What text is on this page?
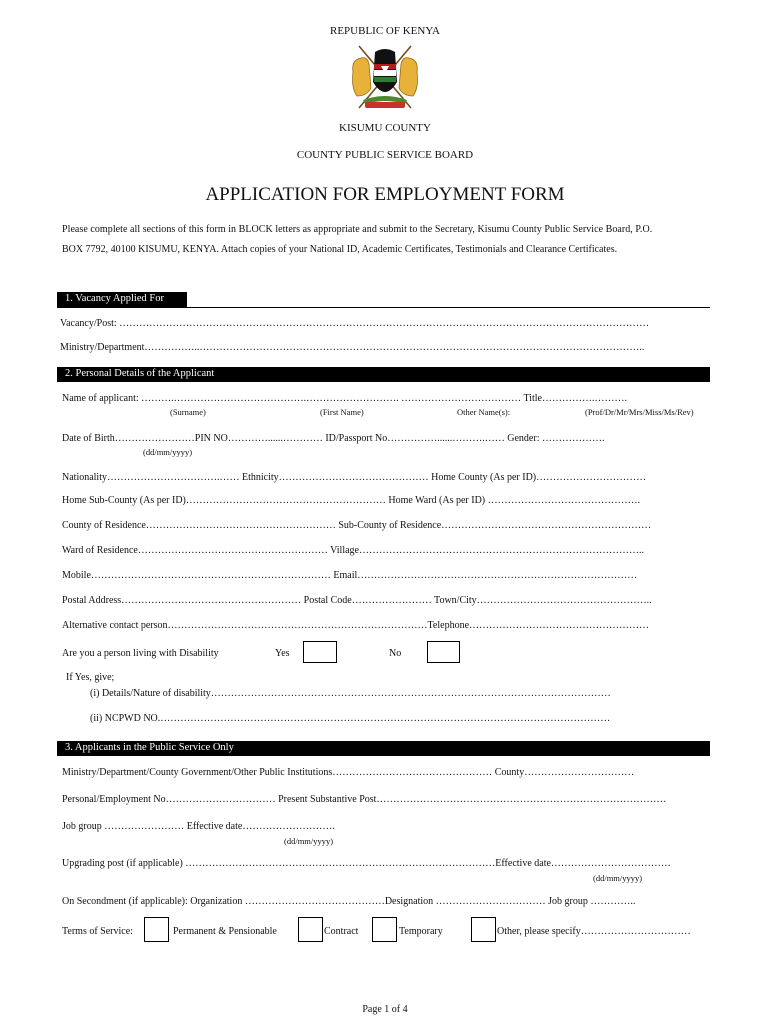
REPUBLIC OF KENYA
KISUMU COUNTY
COUNTY PUBLIC SERVICE BOARD
APPLICATION FOR EMPLOYMENT FORM
Please complete all sections of this form in BLOCK letters as appropriate and submit to the Secretary, Kisumu County Public Service Board, P.O.
BOX 7792, 40100 KISUMU, KENYA. Attach copies of your National ID, Academic Certificates, Testimonials and Clearance Certificates.
1. Vacancy Applied For
Vacancy/Post: ……………………………………………………………………………………………………………………………………………
Ministry/Department……………..……………………………………………………………………………………………………………………..
2. Personal Details of the Applicant
Name of applicant: ……….………………………………….………………………. ……………………………… Title…………….……….
(Surname)	(First Name)	Other Name(s):	(Prof/Dr/Mr/Mrs/Miss/Ms/Rev)
Date of Birth……………………PIN NO…………......………… ID/Passport No……………......……….…… Gender: ……………….
(dd/mm/yyyy)
Nationality…………………………….…… Ethnicity……………………………………… Home County (As per ID)……………………………
Home Sub-County (As per ID)…………………………………………………… Home Ward (As per ID) ……………………………………….
County of Residence………………………………………………… Sub-County of Residence………………………………………………………
Ward of Residence………………………………………………… Village…………………………………………………………………………..
Mobile……………………………………………………………… Email…………………………………………………………………………
Postal Address……………………………………………… Postal Code…………………… Town/City……………………………………………..
Alternative contact person……………………………………………………………………Telephone………………………………………………
Are you a person living with Disability	Yes	No
If Yes, give;
(i) Details/Nature of disability…………………………………………………………………………………………………………
(ii) NCPWD NO.………………………………………………………………………………………………………………………
3. Applicants in the Public Service Only
Ministry/Department/County Government/Other Public Institutions………………………………………… County……………………………
Personal/Employment No…………………………… Present Substantive Post……………………………………………………………………………
Job group …………………… Effective date……………………….
(dd/mm/yyyy)
Upgrading post (if applicable) …………………………………………………………………………………Effective date………………………………
(dd/mm/yyyy)
On Secondment (if applicable): Organization ……………………………………Designation …………………………… Job group …………..
Terms of Service:	Permanent & Pensionable	Contract	Temporary	Other, please specify……………………………
Page 1 of 4
